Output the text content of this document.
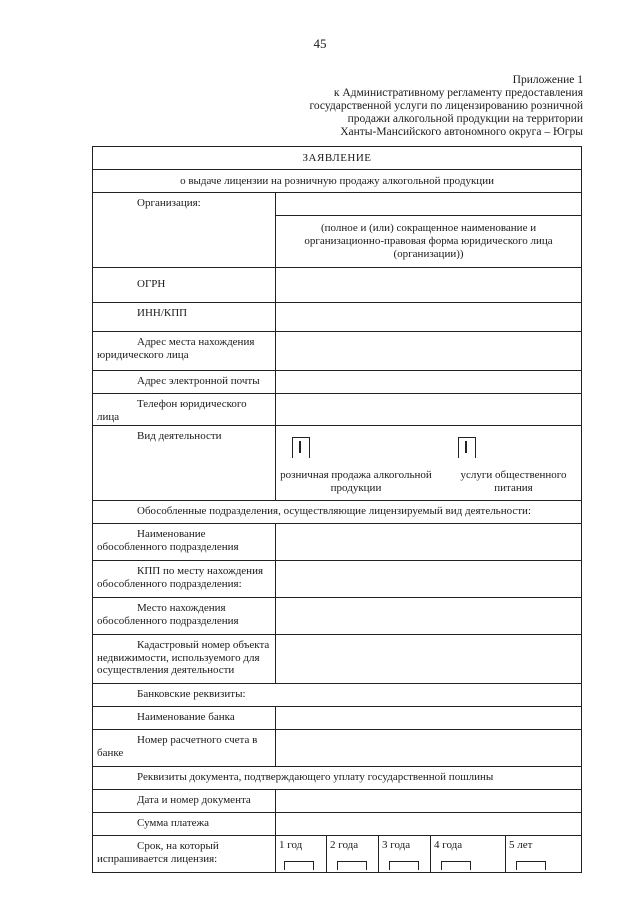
45
Приложение 1
к Административному регламенту предоставления
государственной услуги по лицензированию розничной
продажи алкогольной продукции на территории
Ханты-Мансийского автономного округа – Югры
ЗАЯВЛЕНИЕ					
о выдаче лицензии на розничную продажу алкогольной продукции					
Организация:	(полное и (или) сокращенное наименование и организационно-правовая форма юридического лица (организации))				

ОГРН					
ИНН/КПП					
Адрес места нахождения юридического лица					
Адрес электронной почты					
Телефон юридического лица					
Вид деятельности	розничная продажа алкогольной продукции
услуги общественного питания				

Обособленные подразделения, осуществляющие лицензируемый вид деятельности:					
Наименование обособленного подразделения					
КПП по месту нахождения обособленного подразделения:					
Место нахождения обособленного подразделения					
Кадастровый номер объекта недвижимости, используемого для осуществления деятельности					
Банковские реквизиты:					
Наименование банка					
Номер расчетного счета в банке					
Реквизиты документа, подтверждающего уплату государственной пошлины					
Дата и номер документа					
Сумма платежа					
Срок, на который испрашивается лицензия:	1 год	2 года	3 года	4 года	5 лет
